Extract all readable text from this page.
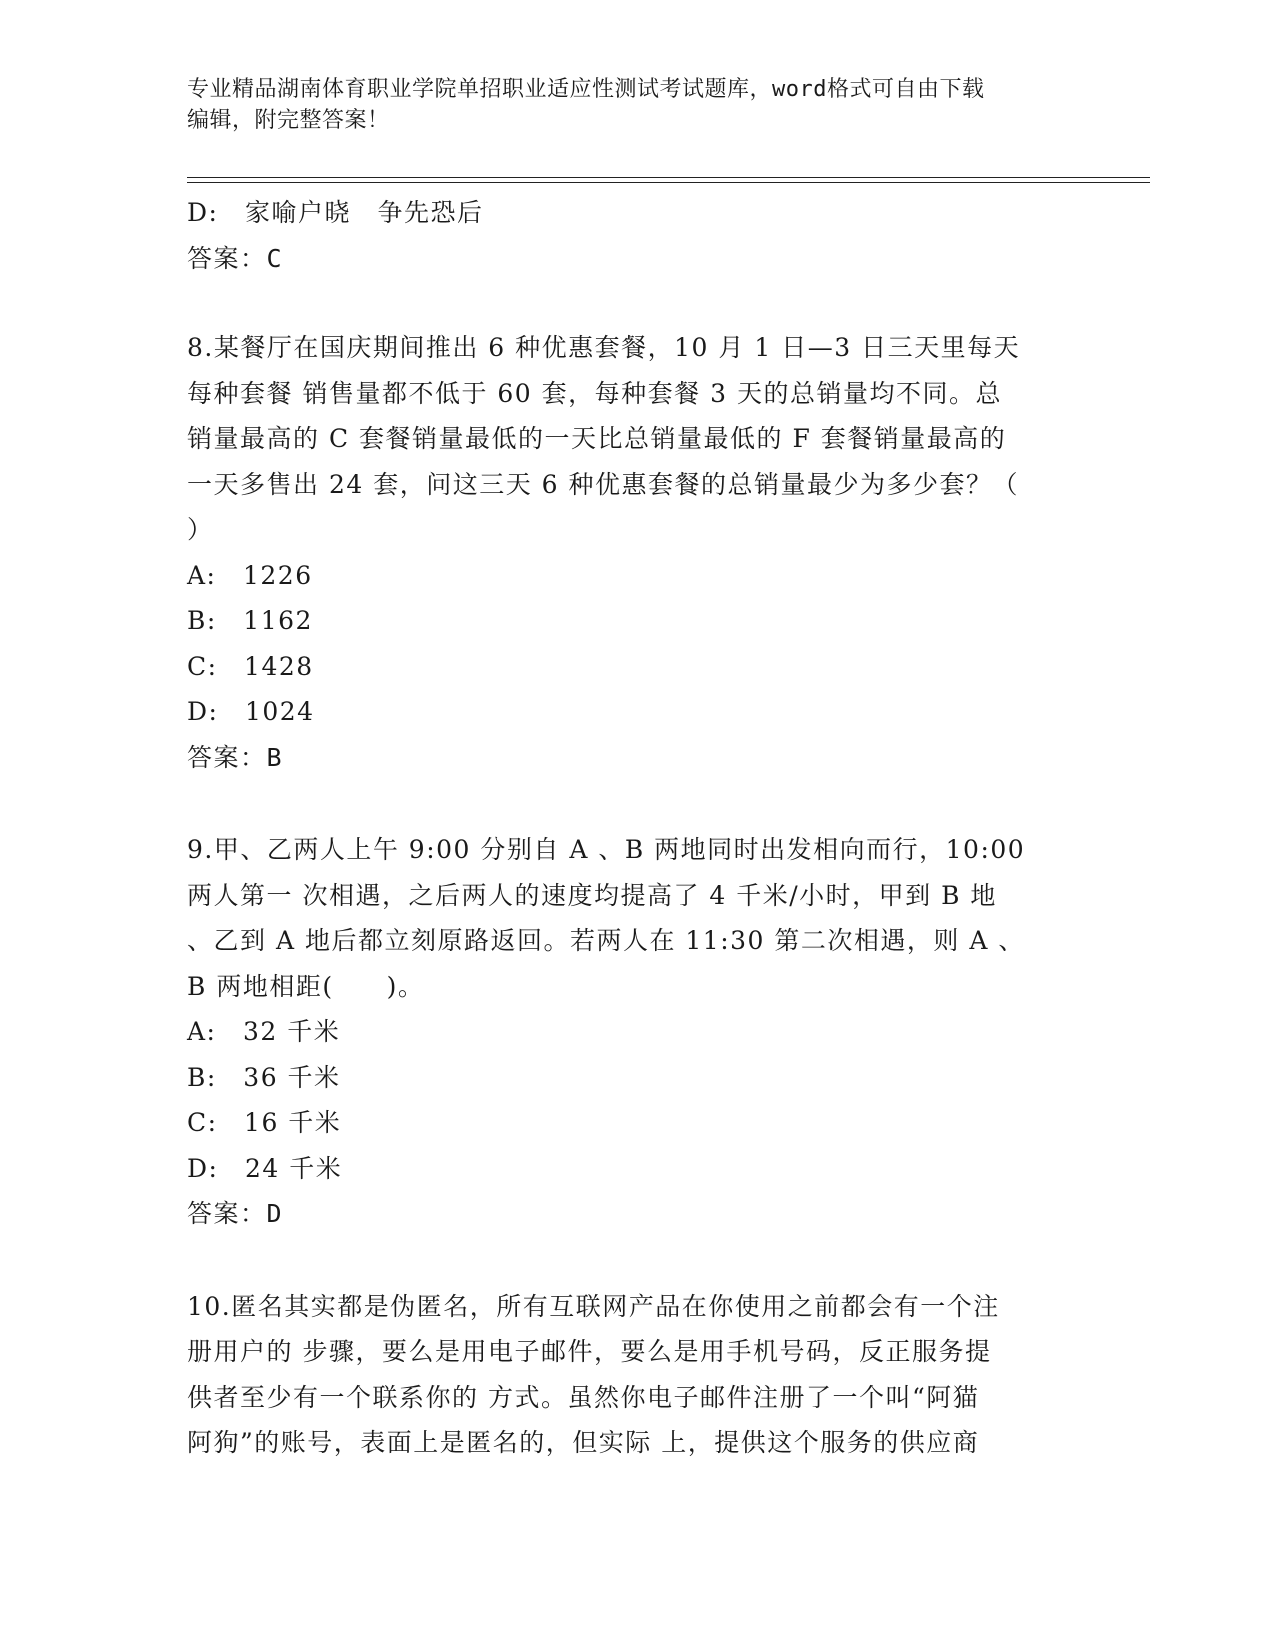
专业精品湖南体育职业学院单招职业适应性测试考试题库，word格式可自由下载
编辑，附完整答案！
D:　家喻户晓　争先恐后
答案：C
8.某餐厅在国庆期间推出 6 种优惠套餐，10 月 1 日—3 日三天里每天
每种套餐 销售量都不低于 60 套，每种套餐 3 天的总销量均不同。总
销量最高的 C 套餐销量最低的一天比总销量最低的 F 套餐销量最高的
一天多售出 24 套，问这三天 6 种优惠套餐的总销量最少为多少套？（
）
A:　1226
B:　1162
C:　1428
D:　1024
答案：B
9.甲、乙两人上午 9:00 分别自 A 、B 两地同时出发相向而行，10:00
两人第一 次相遇，之后两人的速度均提高了 4 千米/小时，甲到 B 地
、乙到 A 地后都立刻原路返回。若两人在 11:30 第二次相遇，则 A 、
B 两地相距(　　)。
A:　32 千米
B:　36 千米
C:　16 千米
D:　24 千米
答案：D
10.匿名其实都是伪匿名，所有互联网产品在你使用之前都会有一个注
册用户的 步骤，要么是用电子邮件，要么是用手机号码，反正服务提
供者至少有一个联系你的 方式。虽然你电子邮件注册了一个叫“阿猫
阿狗”的账号，表面上是匿名的，但实际 上，提供这个服务的供应商
